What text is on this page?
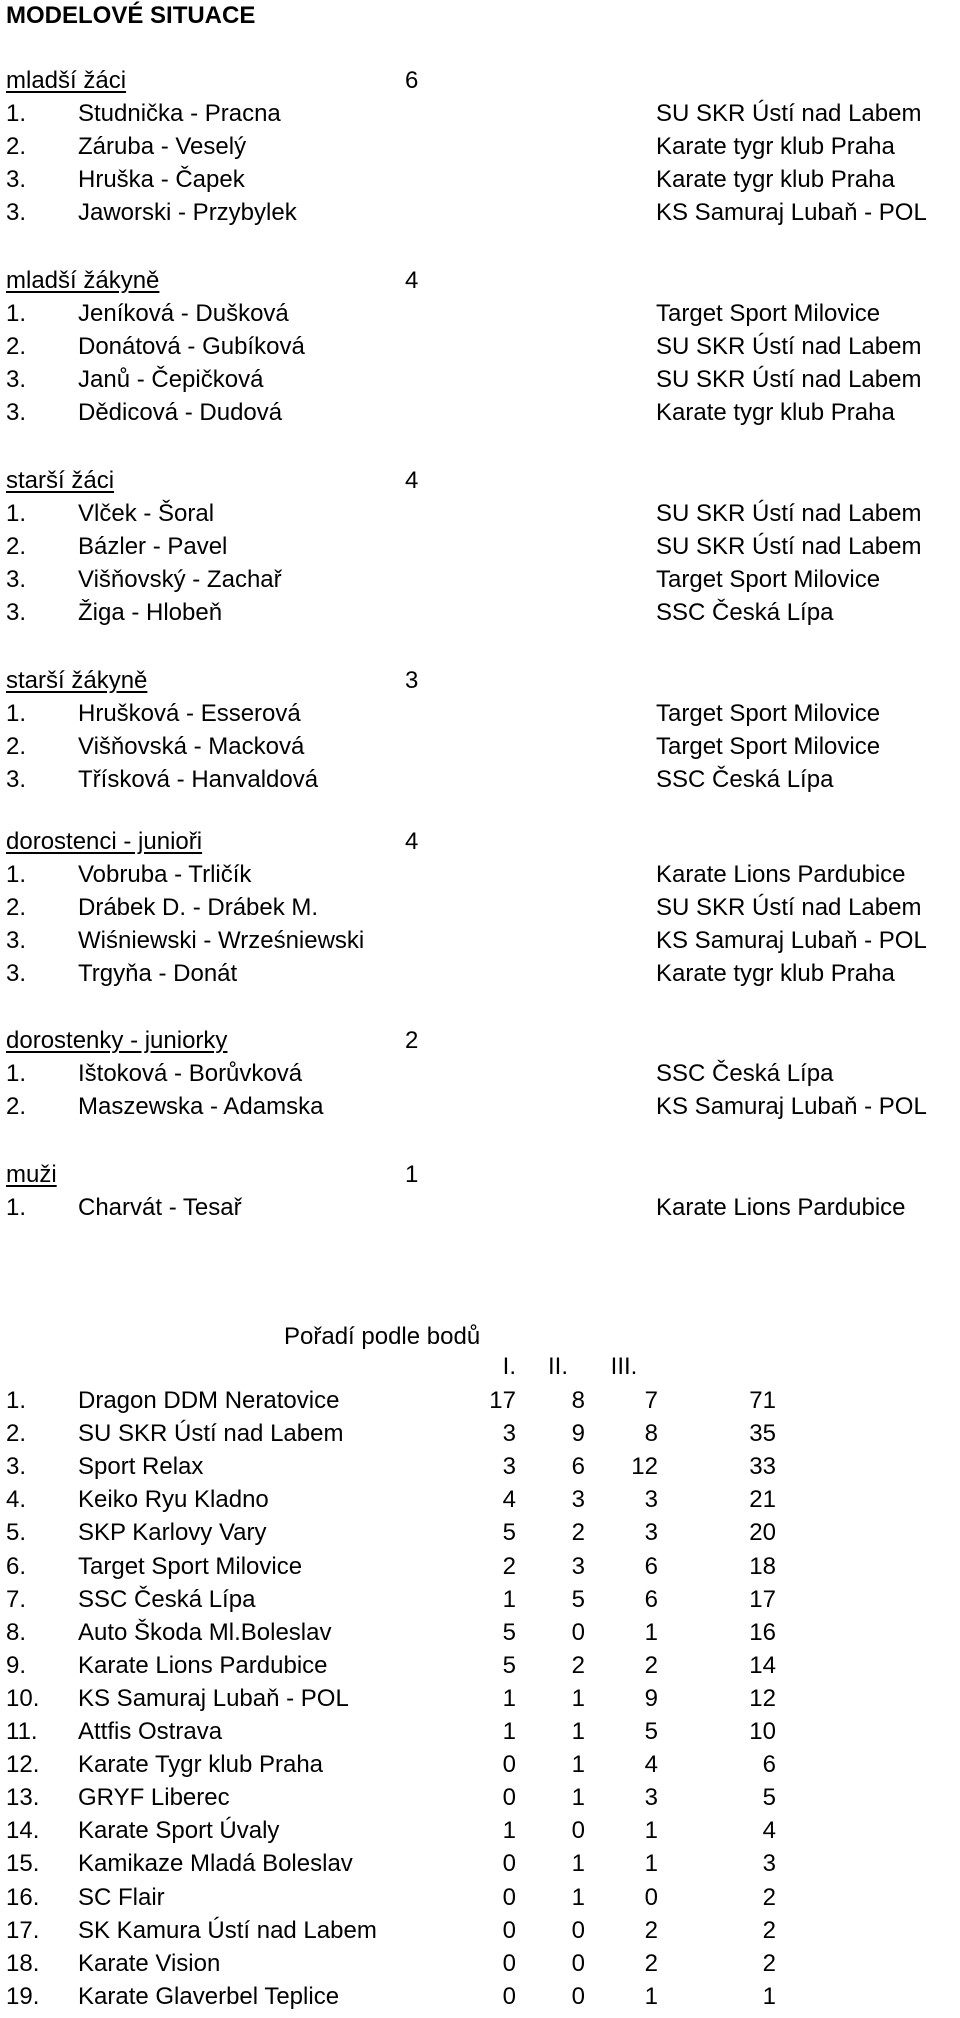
MODELOVÉ SITUACE
mladší žáci	6
1. Studnička - Pracna	SU SKR Ústí nad Labem
2. Záruba - Veselý	Karate tygr klub Praha
3. Hruška - Čapek	Karate tygr klub Praha
3. Jaworski - Przybylek	KS Samuraj Lubaň - POL
mladší žákyně	4
1. Jeníková - Dušková	Target Sport Milovice
2. Donátová - Gubíková	SU SKR Ústí nad Labem
3. Janů - Čepičková	SU SKR Ústí nad Labem
3. Dědicová - Dudová	Karate tygr klub Praha
starší žáci	4
1. Vlček - Šoral	SU SKR Ústí nad Labem
2. Bázler - Pavel	SU SKR Ústí nad Labem
3. Višňovský - Zachař	Target Sport Milovice
3. Žiga - Hlobeň	SSC Česká Lípa
starší žákyně	3
1. Hrušková - Esserová	Target Sport Milovice
2. Višňovská - Macková	Target Sport Milovice
3. Třísková - Hanvaldová	SSC Česká Lípa
dorostenci - junioři	4
1. Vobruba - Trličík	Karate Lions Pardubice
2. Drábek D. - Drábek M.	SU SKR Ústí nad Labem
3. Wiśniewski - Wrześniewski	KS Samuraj Lubaň - POL
3. Trgyňa - Donát	Karate tygr klub Praha
dorostenky - juniorky	2
1. Ištoková - Borůvková	SSC Česká Lípa
2. Maszewska - Adamska	KS Samuraj Lubaň - POL
muži	1
1. Charvát - Tesař	Karate Lions Pardubice
Pořadí podle bodů
I.	II.	III.
1. Dragon DDM Neratovice	17	8	7	71
2. SU SKR Ústí nad Labem	3	9	8	35
3. Sport Relax	3	6	12	33
4. Keiko Ryu Kladno	4	3	3	21
5. SKP Karlovy Vary	5	2	3	20
6. Target Sport Milovice	2	3	6	18
7. SSC Česká Lípa	1	5	6	17
8. Auto Škoda Ml.Boleslav	5	0	1	16
9. Karate Lions Pardubice	5	2	2	14
10. KS Samuraj Lubaň - POL	1	1	9	12
11. Attfis Ostrava	1	1	5	10
12. Karate Tygr klub Praha	0	1	4	6
13. GRYF Liberec	0	1	3	5
14. Karate Sport Úvaly	1	0	1	4
15. Kamikaze Mladá Boleslav	0	1	1	3
16. SC Flair	0	1	0	2
17. SK Kamura Ústí nad Labem	0	0	2	2
18. Karate Vision	0	0	2	2
19. Karate Glaverbel Teplice	0	0	1	1
